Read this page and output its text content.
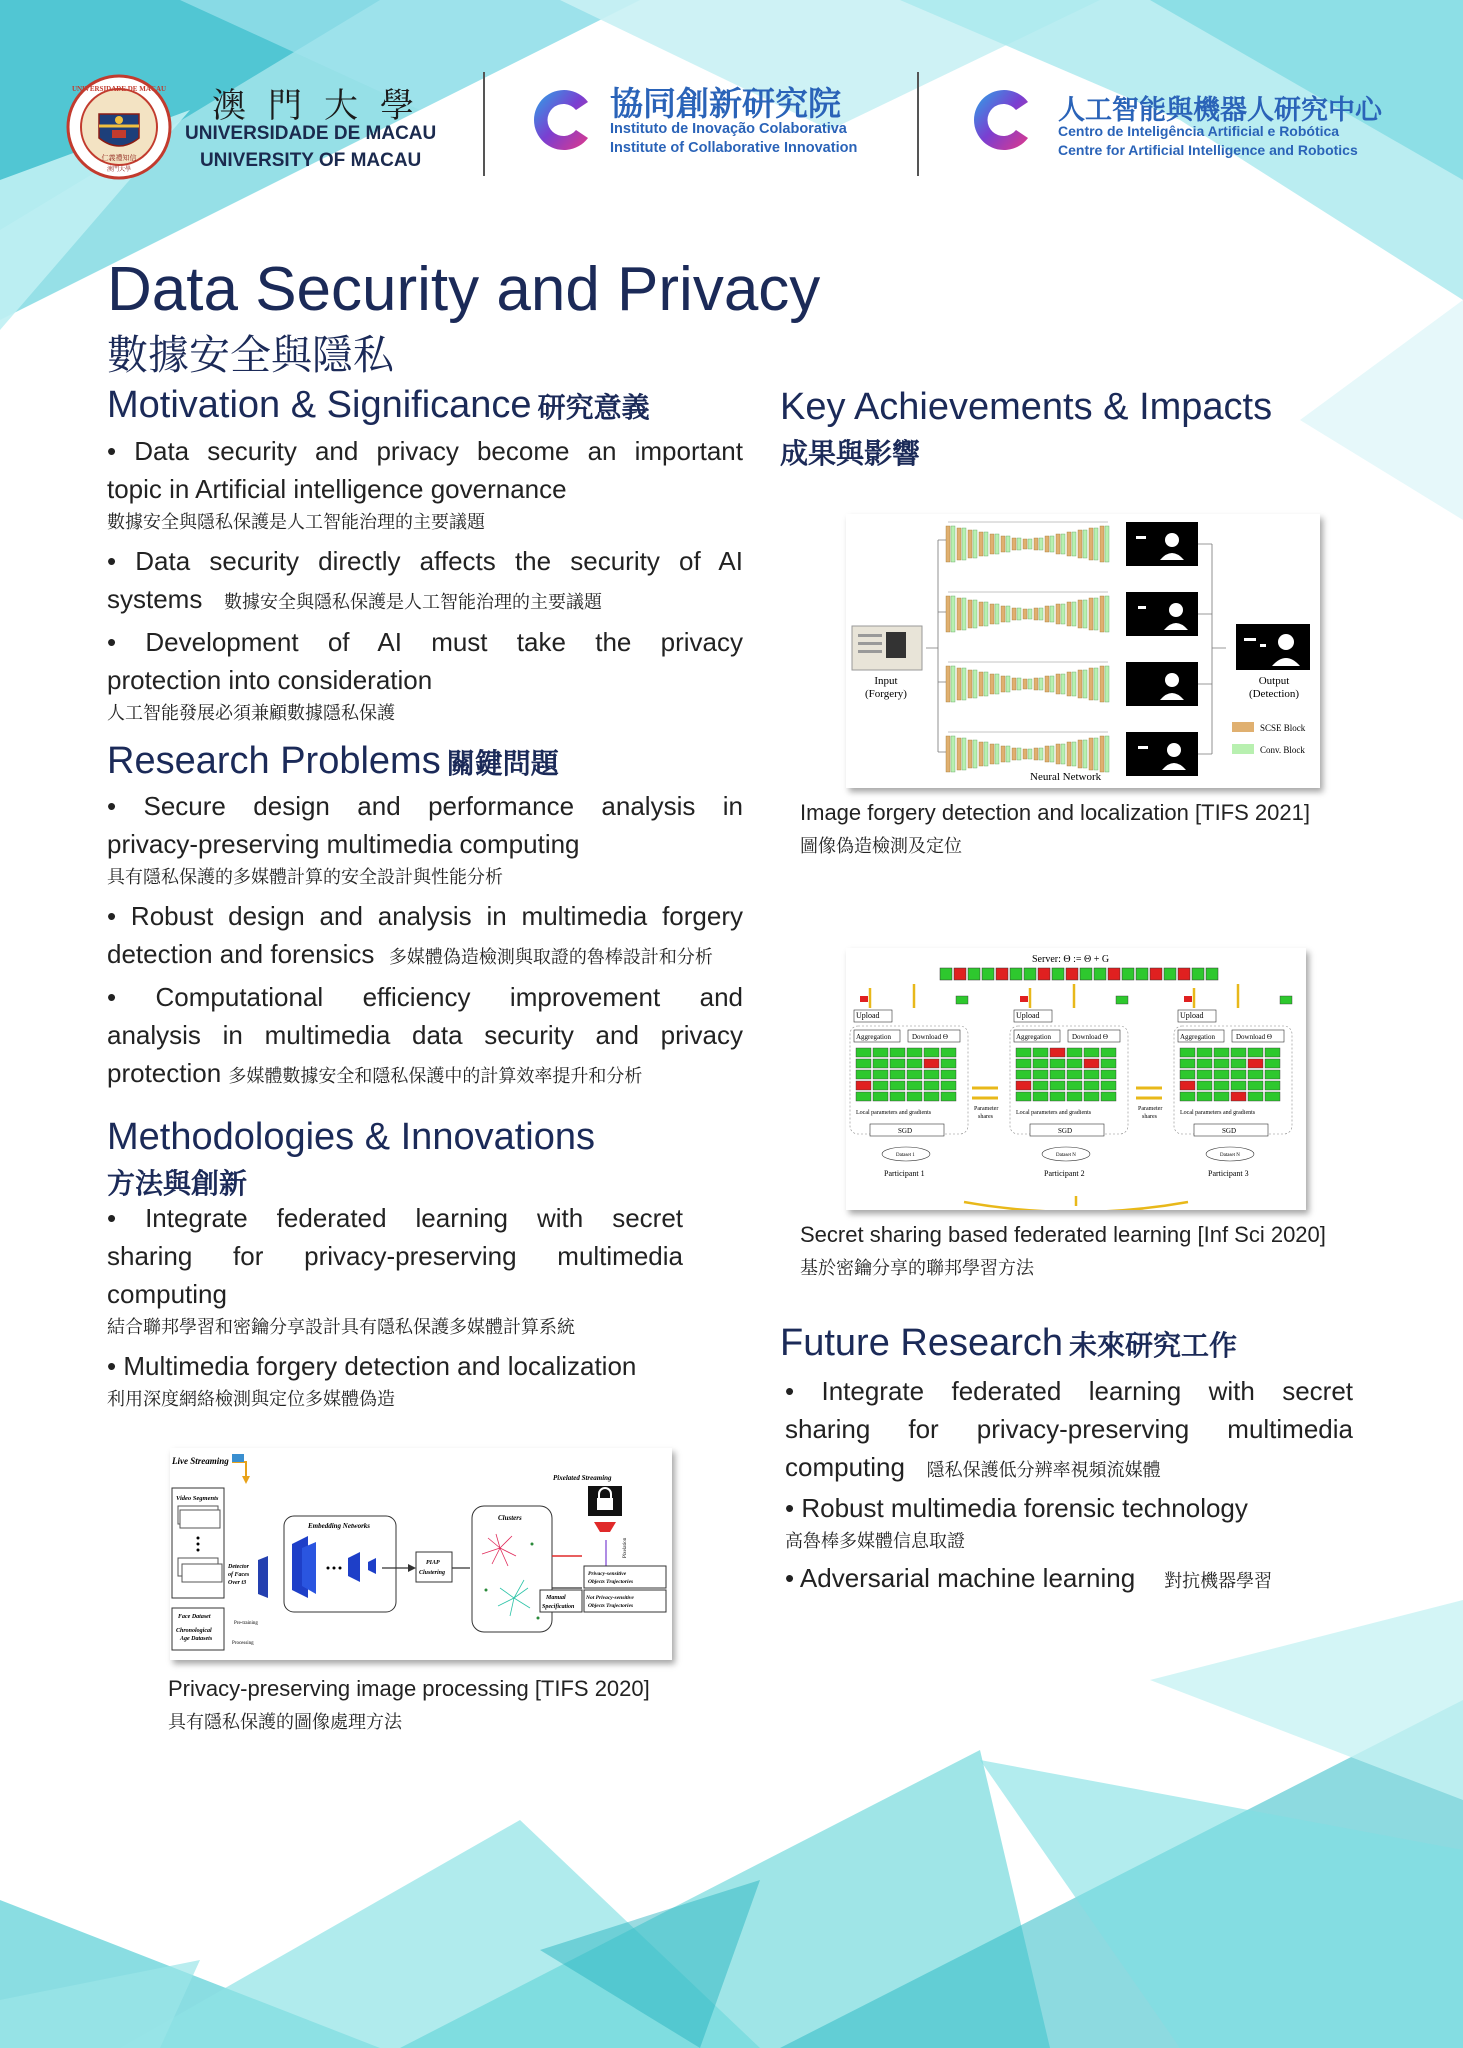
UNIVERSIDADE DE MACAU
仁義禮知信
澳門大學
澳門大學
UNIVERSIDADE DE MACAU
UNIVERSITY OF MACAU
協同創新研究院
Instituto de Inovação Colaborativa
Institute of Collaborative Innovation
人工智能與機器人研究中心
Centro de Inteligência Artificial e Robótica
Centre for Artificial Intelligence and Robotics
Data Security and Privacy
數據安全與隱私
Motivation & Significance 研究意義

• Data security and privacy become an important

topic in Artificial intelligence governance

數據安全與隱私保護是人工智能治理的主要議題

• Data security directly affects the security of AI

systems 數據安全與隱私保護是人工智能治理的主要議題

• Development of AI must take the privacy

protection into consideration

人工智能發展必須兼顧數據隱私保護

Research Problems 關鍵問題

• Secure design and performance analysis in

privacy-preserving multimedia computing

具有隱私保護的多媒體計算的安全設計與性能分析

• Robust design and analysis in multimedia forgery

detection and forensics 多媒體偽造檢測與取證的魯棒設計和分析

• Computational efficiency improvement and

analysis in multimedia data security and privacy

protection 多媒體數據安全和隱私保護中的計算效率提升和分析

Methodologies & Innovations
方法與創新

• Integrate federated learning with secret

sharing for privacy-preserving multimedia

computing

結合聯邦學習和密鑰分享設計具有隱私保護多媒體計算系統

• Multimedia forgery detection and localization

利用深度網絡檢測與定位多媒體偽造

Live Streaming
Video Segments
Detector
of Faces
Over t3
Face Dataset
Chronological
Age Datasets
Pre-training
Processing
Embedding Networks
PIAP
Clustering
Clusters
Pixelated Streaming
Pixelation
Privacy-sensitive
Objects Trajectories
Not Privacy-sensitive
Objects Trajectories
Manual
Specification
Privacy-preserving image processing [TIFS 2020]
具有隱私保護的圖像處理方法
Key Achievements & Impacts
成果與影響
Input
(Forgery)
Neural Network
Output
(Detection)
SCSE Block
Conv. Block
Image forgery detection and localization [TIFS 2021]
圖像偽造檢測及定位
Server: Θ := Θ + G
Upload
Aggregation	Download Θ
Local parameters and gradients
SGD
Dataset 1
Participant 1
Upload
Aggregation	Download Θ
Local parameters and gradients
SGD
Dataset N
Participant 2
Upload
Aggregation	Download Θ
Local parameters and gradients
SGD
Dataset N
Participant 3
Parameter
shares
Parameter
shares
Secret sharing based federated learning [Inf Sci 2020]
基於密鑰分享的聯邦學習方法
Future Research 未來研究工作

• Integrate federated learning with secret

sharing for privacy-preserving multimedia

computing 隱私保護低分辨率視頻流媒體

• Robust multimedia forensic technology

高魯棒多媒體信息取證

• Adversarial machine learning 對抗機器學習
